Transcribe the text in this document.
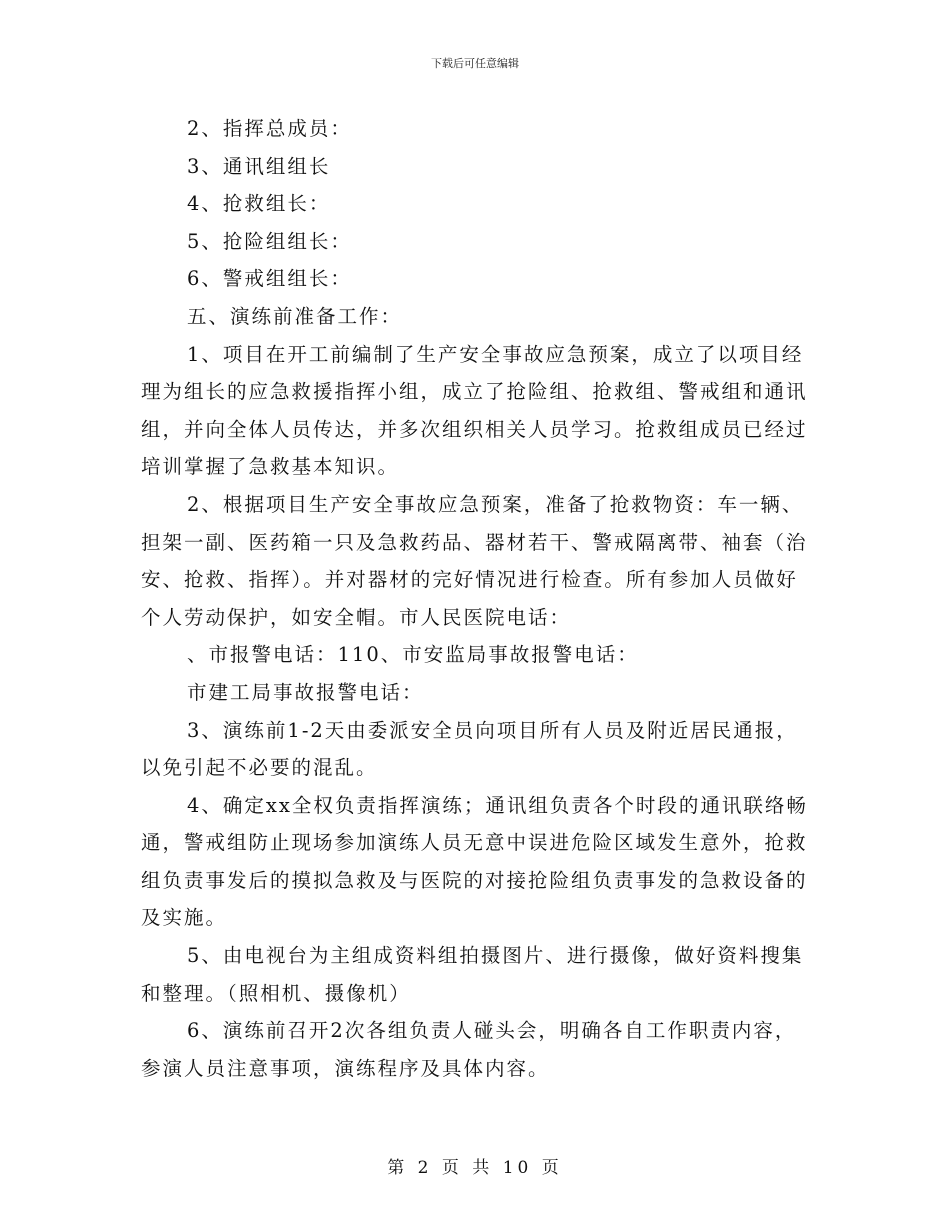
下载后可任意编辑

2、指挥总成员：

3、通讯组组长

4、抢救组长：

5、抢险组组长：

6、警戒组组长：

五、演练前准备工作：

1、项目在开工前编制了生产安全事故应急预案，成立了以项目经理为组长的应急救援指挥小组，成立了抢险组、抢救组、警戒组和通讯组，并向全体人员传达，并多次组织相关人员学习。抢救组成员已经过培训掌握了急救基本知识。

2、根据项目生产安全事故应急预案，准备了抢救物资：车一辆、担架一副、医药箱一只及急救药品、器材若干、警戒隔离带、袖套（治安、抢救、指挥）。并对器材的完好情况进行检查。所有参加人员做好个人劳动保护，如安全帽。市人民医院电话：

、市报警电话：110、市安监局事故报警电话：

市建工局事故报警电话：

3、演练前1-2天由委派安全员向项目所有人员及附近居民通报，以免引起不必要的混乱。

4、确定xx全权负责指挥演练；通讯组负责各个时段的通讯联络畅通，警戒组防止现场参加演练人员无意中误进危险区域发生意外，抢救组负责事发后的摸拟急救及与医院的对接抢险组负责事发的急救设备的及实施。

5、由电视台为主组成资料组拍摄图片、进行摄像，做好资料搜集和整理。（照相机、摄像机）

6、演练前召开2次各组负责人碰头会，明确各自工作职责内容，参演人员注意事项，演练程序及具体内容。

第 2 页 共 10 页
